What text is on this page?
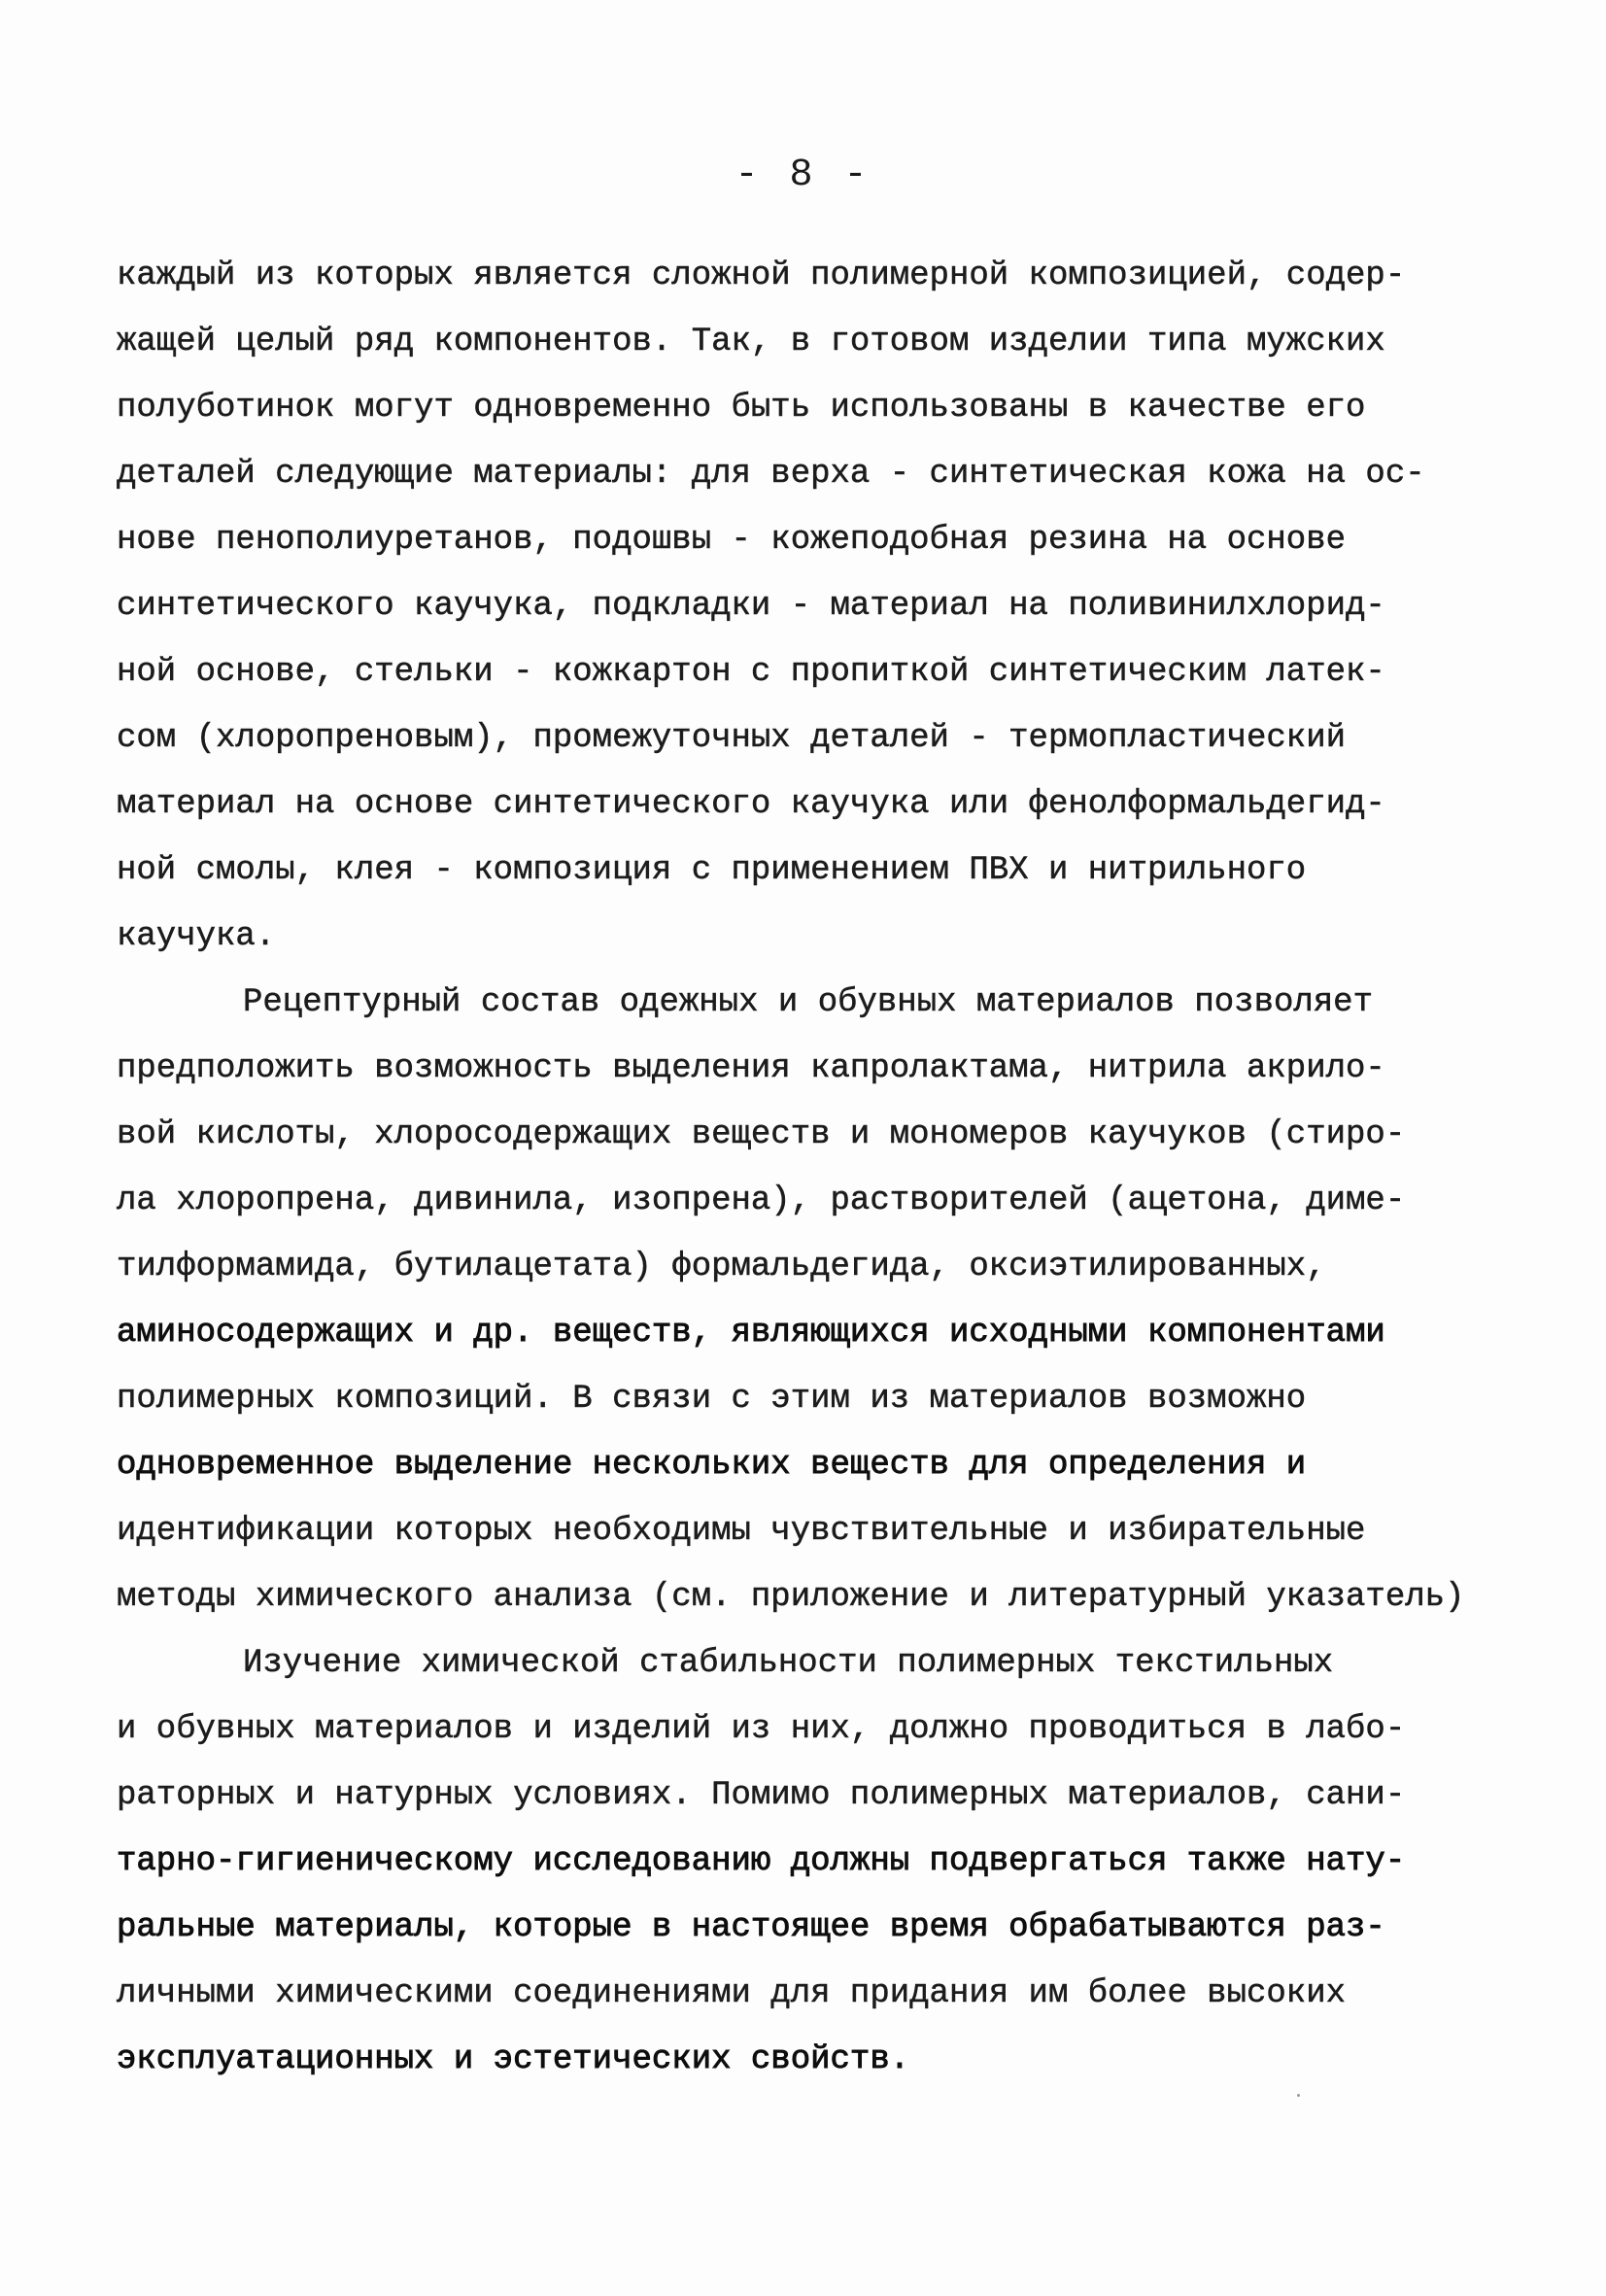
- 8 -
каждый из которых является сложной полимерной композицией, содер-
жащей целый ряд компонентов. Так, в готовом изделии типа мужских
полуботинок могут одновременно быть использованы в качестве его
деталей следующие материалы: для верха - синтетическая кожа на ос-
нове пенополиуретанов, подошвы - кожеподобная резина на основе
синтетического каучука, подкладки - материал на поливинилхлорид-
ной основе, стельки - кожкартон с пропиткой синтетическим латек-
сом (хлоропреновым), промежуточных деталей - термопластический
материал на основе синтетического каучука или фенолформальдегид-
ной смолы, клея - композиция с применением ПВХ и нитрильного
каучука.
Рецептурный состав одежных и обувных материалов позволяет
предположить возможность выделения капролактама, нитрила акрило-
вой кислоты, хлоросодержащих веществ и мономеров каучуков (стиро-
ла хлоропрена, дивинила, изопрена), растворителей (ацетона, диме-
тилформамида, бутилацетата) формальдегида, оксиэтилированных,
аминосодержащих и др. веществ, являющихся исходными компонентами
полимерных композиций. В связи с этим из материалов возможно
одновременное выделение нескольких веществ для определения и
идентификации которых необходимы чувствительные и избирательные
методы химического анализа (см. приложение и литературный указатель)
Изучение химической стабильности полимерных текстильных
и обувных материалов и изделий из них, должно проводиться в лабо-
раторных и натурных условиях. Помимо полимерных материалов, сани-
тарно-гигиеническому исследованию должны подвергаться также нату-
ральные материалы, которые в настоящее время обрабатываются раз-
личными химическими соединениями для придания им более высоких
эксплуатационных и эстетических свойств.
